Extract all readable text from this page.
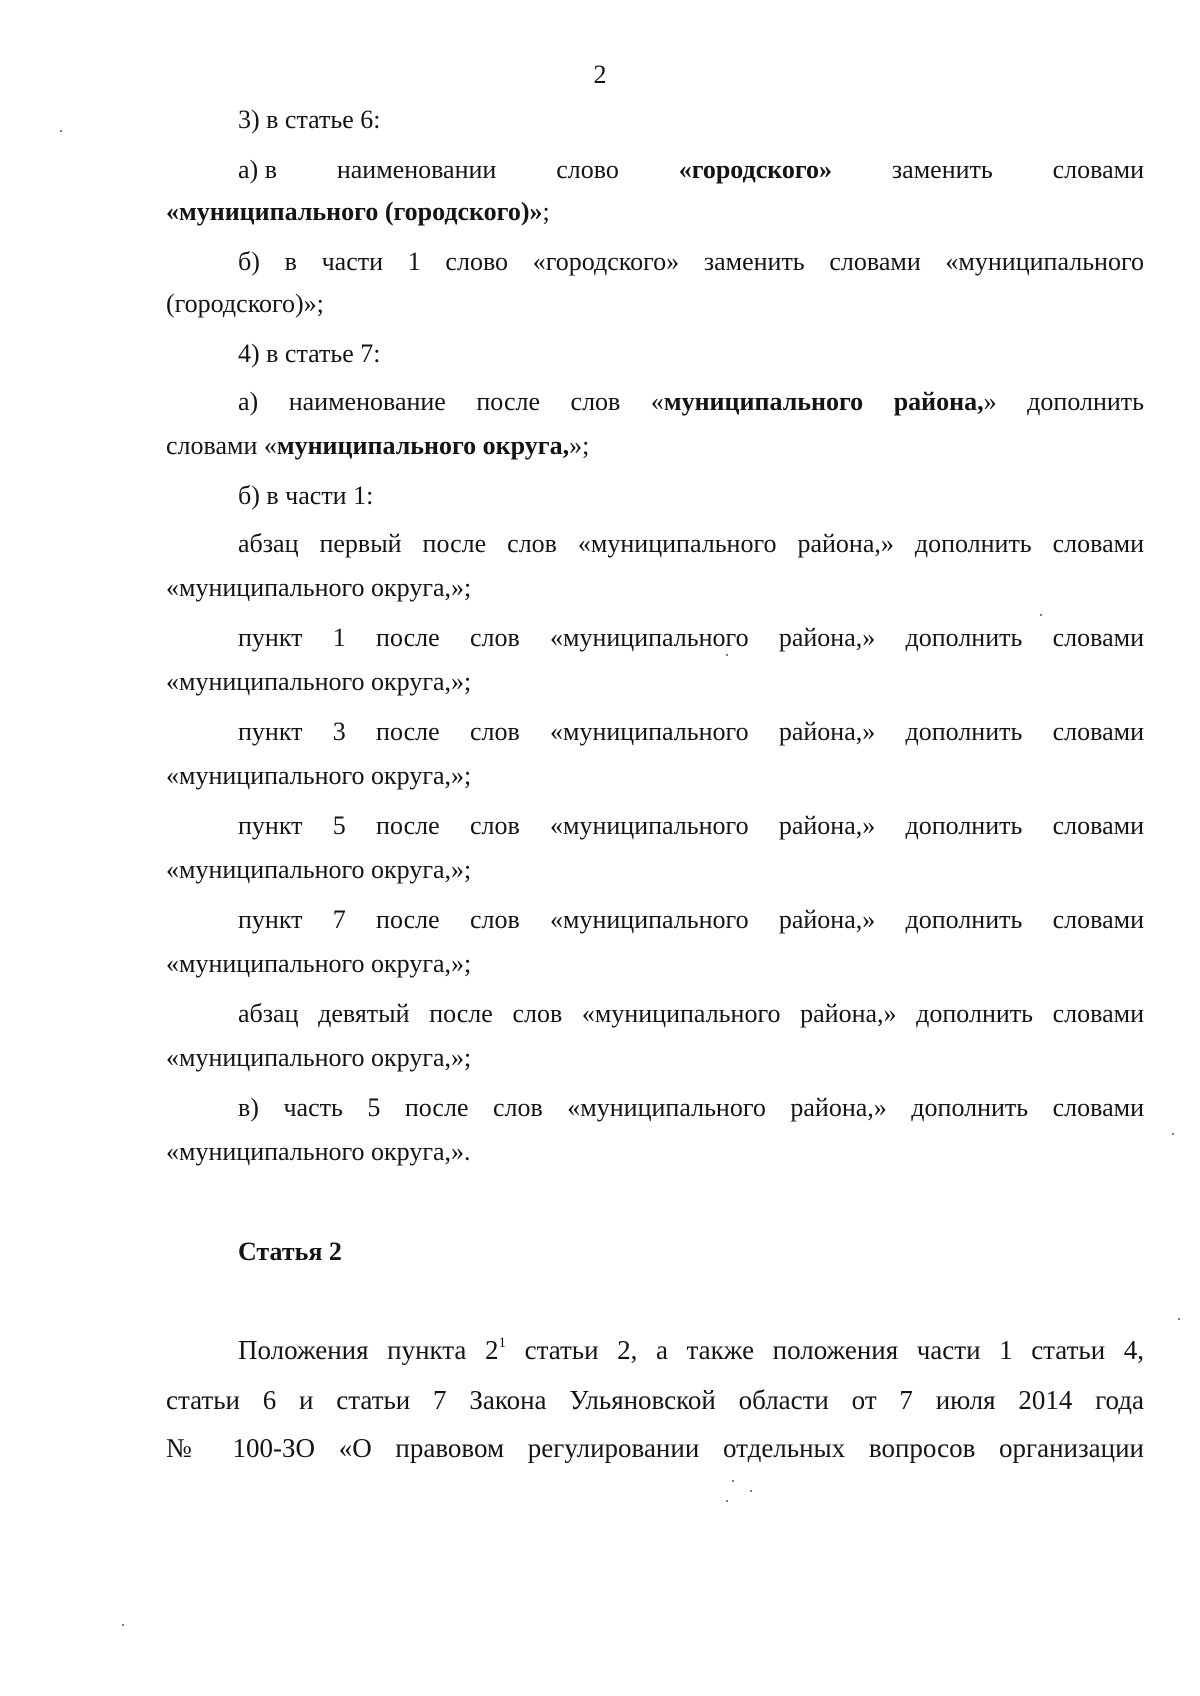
2
3) в статье 6:
а) в наименовании слово «городского» заменить словами
«муниципального (городского)»;
б) в части 1 слово «городского» заменить словами «муниципального
(городского)»;
4) в статье 7:
а) наименование после слов «муниципального района,» дополнить
словами «муниципального округа,»;
б) в части 1:
абзац первый после слов «муниципального района,» дополнить словами
«муниципального округа,»;
пункт 1 после слов «муниципального района,» дополнить словами
«муниципального округа,»;
пункт 3 после слов «муниципального района,» дополнить словами
«муниципального округа,»;
пункт 5 после слов «муниципального района,» дополнить словами
«муниципального округа,»;
пункт 7 после слов «муниципального района,» дополнить словами
«муниципального округа,»;
абзац девятый после слов «муниципального района,» дополнить словами
«муниципального округа,»;
в) часть 5 после слов «муниципального района,» дополнить словами
«муниципального округа,».
Статья 2
Положения пункта $2^1$ статьи 2, а также положения части 1 статьи 4,
статьи 6 и статьи 7 Закона Ульяновской области от 7 июля 2014 года
№ 100-ЗО «О правовом регулировании отдельных вопросов организации
